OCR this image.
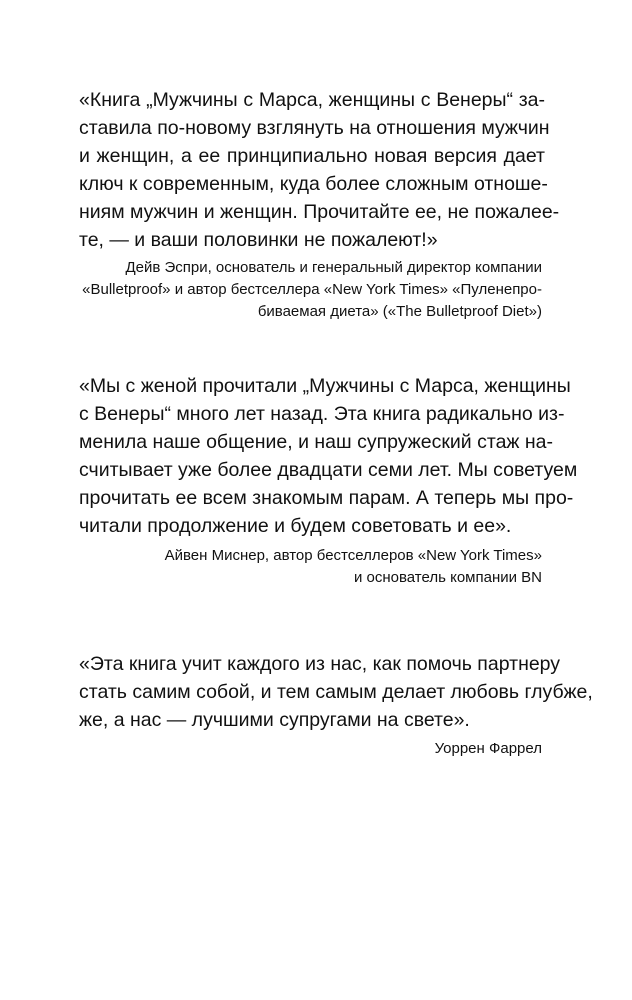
«Книга „Мужчины с Марса, женщины с Венеры“ за-
ставила по-новому взглянуть на отношения мужчин
и женщин, а ее принципиально новая версия дает
ключ к современным, куда более сложным отноше-
ниям мужчин и женщин. Прочитайте ее, не пожалее-
те, — и ваши половинки не пожалеют!»
Дейв Эспри, основатель и генеральный директор компании
«Bulletproof» и автор бестселлера «New York Times» «Пуленепро-
биваемая диета» («The Bulletproof Diet»)
«Мы с женой прочитали „Мужчины с Марса, женщины
с Венеры“ много лет назад. Эта книга радикально из-
менила наше общение, и наш супружеский стаж на-
считывает уже более двадцати семи лет. Мы советуем
прочитать ее всем знакомым парам. А теперь мы про-
читали продолжение и будем советовать и ее».
Айвен Миснер, автор бестселлеров «New York Times»
и основатель компании BN
«Эта книга учит каждого из нас, как помочь партнеру
стать самим собой, и тем самым делает любовь глубже,
же, а нас — лучшими супругами на свете».
Уоррен Фаррел
